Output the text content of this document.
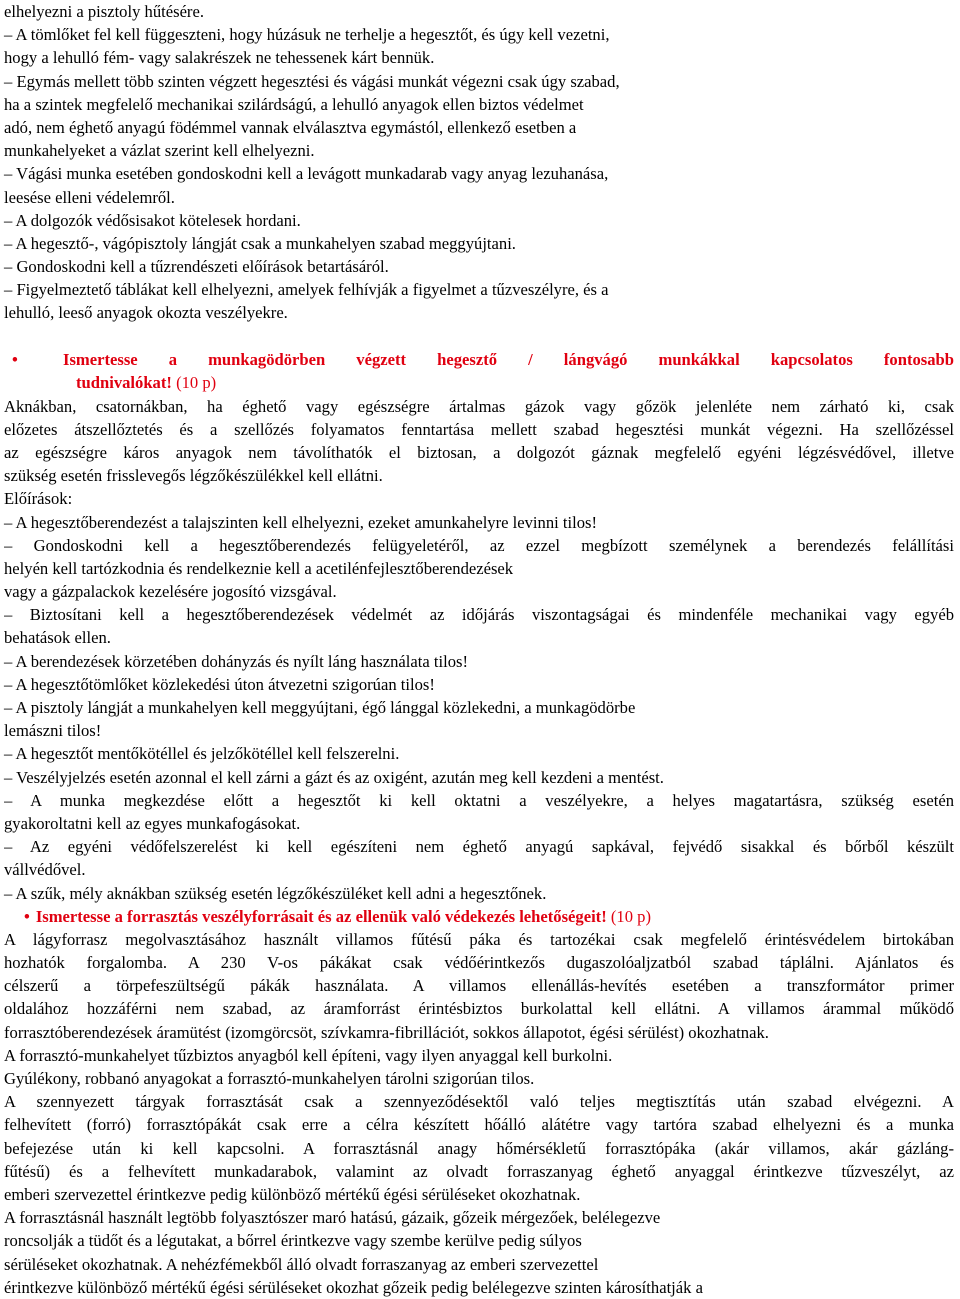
elhelyezni a pisztoly hűtésére.
– A tömlőket fel kell függeszteni, hogy húzásuk ne terhelje a hegesztőt, és úgy kell vezetni,
hogy a lehulló fém- vagy salakrészek ne tehessenek kárt bennük.
– Egymás mellett több szinten végzett hegesztési és vágási munkát végezni csak úgy szabad,
ha a szintek megfelelő mechanikai szilárdságú, a lehulló anyagok ellen biztos védelmet
adó, nem éghető anyagú födémmel vannak elválasztva egymástól, ellenkező esetben a
munkahelyeket a vázlat szerint kell elhelyezni.
– Vágási munka esetében gondoskodni kell a levágott munkadarab vagy anyag lezuhanása,
leesése elleni védelemről.
– A dolgozók védősisakot kötelesek hordani.
– A hegesztő-, vágópisztoly lángját csak a munkahelyen szabad meggyújtani.
– Gondoskodni kell a tűzrendészeti előírások betartásáról.
– Figyelmeztető táblákat kell elhelyezni, amelyek felhívják a figyelmet a tűzveszélyre, és a
lehulló, leeső anyagok okozta veszélyekre.
•	Ismertesse a munkagödörben végzett hegesztő / lángvágó munkákkal kapcsolatos fontosabb
tudnivalókat! (10 p)
Aknákban, csatornákban, ha éghető vagy egészségre ártalmas gázok vagy gőzök jelenléte nem zárható ki, csak
előzetes átszellőztetés és a szellőzés folyamatos fenntartása mellett szabad hegesztési munkát végezni. Ha szellőzéssel
az egészségre káros anyagok nem távolíthatók el biztosan, a dolgozót gáznak megfelelő egyéni légzésvédővel, illetve
szükség esetén frisslevegős légzőkészülékkel kell ellátni.
Előírások:
– A hegesztőberendezést a talajszinten kell elhelyezni, ezeket amunkahelyre levinni tilos!
– Gondoskodni kell a hegesztőberendezés felügyeletéről, az ezzel megbízott személynek a berendezés felállítási
helyén kell tartózkodnia és rendelkeznie kell a acetilénfejlesztőberendezések
vagy a gázpalackok kezelésére jogosító vizsgával.
– Biztosítani kell a hegesztőberendezések védelmét az időjárás viszontagságai és mindenféle mechanikai vagy egyéb
behatások ellen.
– A berendezések körzetében dohányzás és nyílt láng használata tilos!
– A hegesztőtömlőket közlekedési úton átvezetni szigorúan tilos!
– A pisztoly lángját a munkahelyen kell meggyújtani, égő lánggal közlekedni, a munkagödörbe
lemászni tilos!
– A hegesztőt mentőkötéllel és jelzőkötéllel kell felszerelni.
– Veszélyjelzés esetén azonnal el kell zárni a gázt és az oxigént, azután meg kell kezdeni a mentést.
– A munka megkezdése előtt a hegesztőt ki kell oktatni a veszélyekre, a helyes magatartásra, szükség esetén
gyakoroltatni kell az egyes munkafogásokat.
– Az egyéni védőfelszerelést ki kell egészíteni nem éghető anyagú sapkával, fejvédő sisakkal és bőrből készült
vállvédővel.
– A szűk, mély aknákban szükség esetén légzőkészüléket kell adni a hegesztőnek.
• Ismertesse a forrasztás veszélyforrásait és az ellenük való védekezés lehetőségeit! (10 p)
A lágyforrasz megolvasztásához használt villamos fűtésű páka és tartozékai csak megfelelő érintésvédelem birtokában
hozhatók forgalomba. A 230 V-os pákákat csak védőérintkezős dugaszolóaljzatból szabad táplálni. Ajánlatos és
célszerű a törpefeszültségű pákák használata. A villamos ellenállás-hevítés esetében a transzformátor primer
oldalához hozzáférni nem szabad, az áramforrást érintésbiztos burkolattal kell ellátni. A villamos árammal működő
forrasztóberendezések áramütést (izomgörcsöt, szívkamra-fibrillációt, sokkos állapotot, égési sérülést) okozhatnak.
A forrasztó-munkahelyet tűzbiztos anyagból kell építeni, vagy ilyen anyaggal kell burkolni.
Gyúlékony, robbanó anyagokat a forrasztó-munkahelyen tárolni szigorúan tilos.
A szennyezett tárgyak forrasztását csak a szennyeződésektől való teljes megtisztítás után szabad elvégezni. A
felhevített (forró) forrasztópákát csak erre a célra készített hőálló alátétre vagy tartóra szabad elhelyezni és a munka
befejezése után ki kell kapcsolni. A forrasztásnál anagy hőmérsékletű forrasztópáka (akár villamos, akár gázláng-
fűtésű) és a felhevített munkadarabok, valamint az olvadt forraszanyag éghető anyaggal érintkezve tűzveszélyt, az
emberi szervezettel érintkezve pedig különböző mértékű égési sérüléseket okozhatnak.
A forrasztásnál használt legtöbb folyasztószer maró hatású, gázaik, gőzeik mérgezőek, belélegezve
roncsolják a tüdőt és a légutakat, a bőrrel érintkezve vagy szembe kerülve pedig súlyos
sérüléseket okozhatnak. A nehézfémekből álló olvadt forraszanyag az emberi szervezettel
érintkezve különböző mértékű égési sérüléseket okozhat gőzeik pedig belélegezve szinten károsíthatják a
